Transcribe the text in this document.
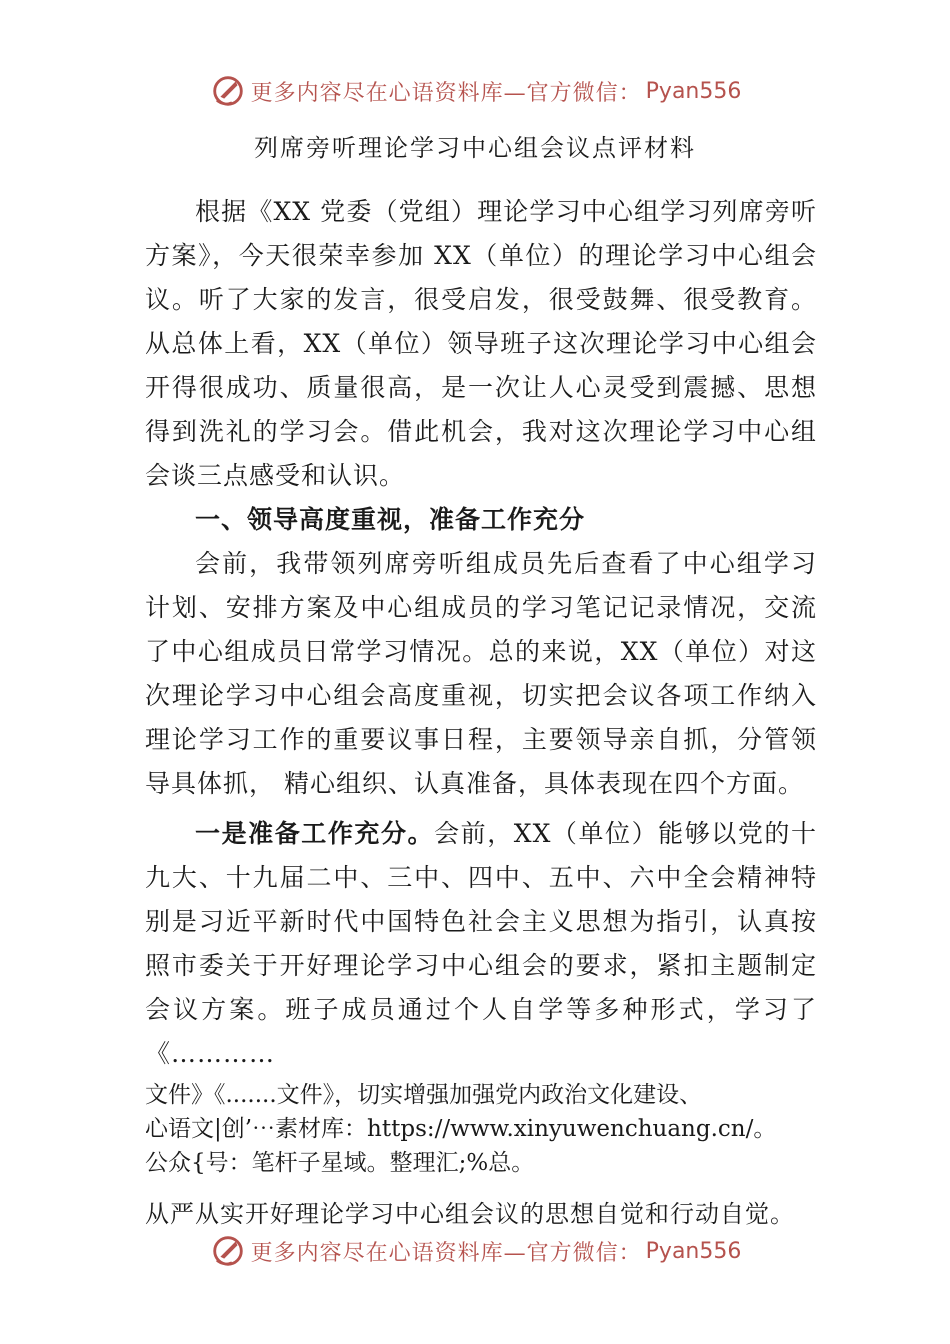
更多内容尽在心语资料库—官方微信： Pyan556
列席旁听理论学习中心组会议点评材料

根据《XX 党委（党组）理论学习中心组学习列席旁听方案》，今天很荣幸参加 XX（单位）的理论学习中心组会议。听了大家的发言，很受启发，很受鼓舞、很受教育。从总体上看，XX（单位）领导班子这次理论学习中心组会开得很成功、质量很高，是一次让人心灵受到震撼、思想得到洗礼的学习会。借此机会，我对这次理论学习中心组会谈三点感受和认识。

一、领导高度重视，准备工作充分

会前，我带领列席旁听组成员先后查看了中心组学习计划、安排方案及中心组成员的学习笔记记录情况，交流了中心组成员日常学习情况。总的来说，XX（单位）对这次理论学习中心组会高度重视，切实把会议各项工作纳入理论学习工作的重要议事日程，主要领导亲自抓，分管领导具体抓， 精心组织、认真准备，具体表现在四个方面。

一是准备工作充分。会前，XX（单位）能够以党的十九大、十九届二中、三中、四中、五中、六中全会精神特别是习近平新时代中国特色社会主义思想为指引，认真按照市委关于开好理论学习中心组会的要求，紧扣主题制定会议方案。班子成员通过个人自学等多种形式，学习了《…………

文件》《.......文件》，切实增强加强党内政治文化建设、

心语文|创’⋯素材库：https://www.xinyuwenchuang.cn/。

公众{号：笔杆子星域。整理汇;%总。

从严从实开好理论学习中心组会议的思想自觉和行动自觉。

更多内容尽在心语资料库—官方微信： Pyan556
